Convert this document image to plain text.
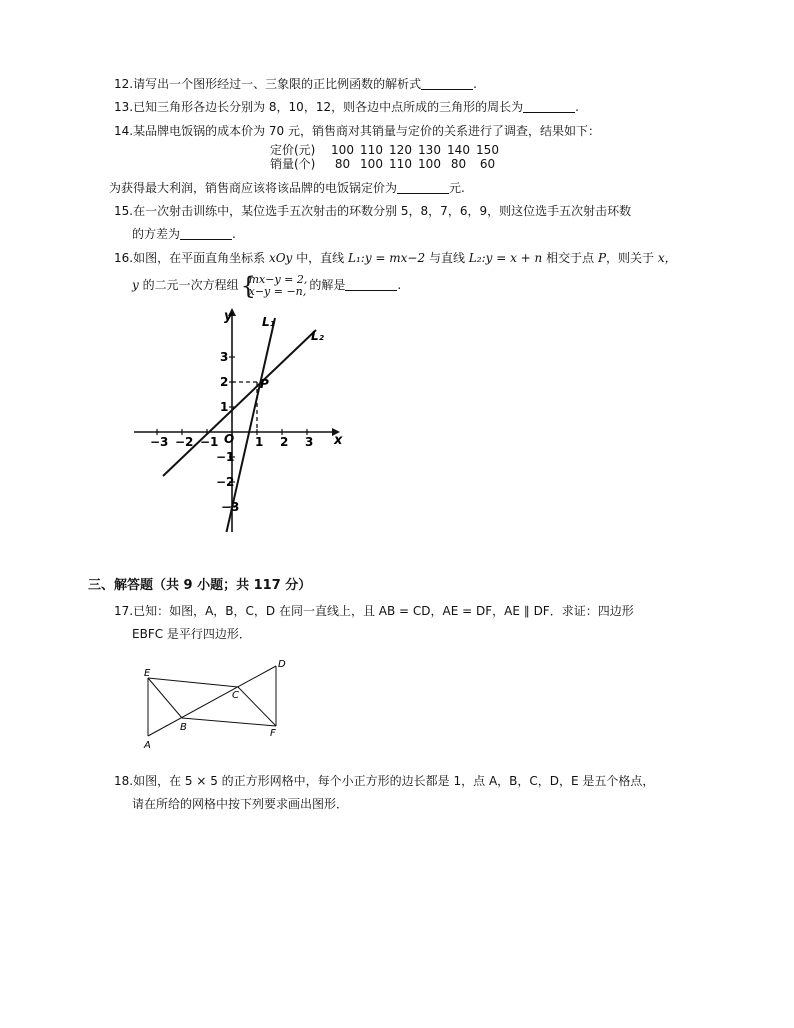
12.请写出一个图形经过一、三象限的正比例函数的解析式	.
13.已知三角形各边长分别为 8，10，12，则各边中点所成的三角形的周长为	.
14.某品牌电饭锅的成本价为 70 元，销售商对其销量与定价的关系进行了调查，结果如下：
定价(元)	100 110 120 130 140 150
销量(个)	80 100 110 100 80	60
为获得最大利润，销售商应该将该品牌的电饭锅定价为	元.
15.在一次射击训练中，某位选手五次射击的环数分别 5，8，7，6，9，则这位选手五次射击环数
的方差为	.
16.如图，在平面直角坐标系 xOy 中，直线 L₁:y = mx−2 与直线 L₂:y = x + n 相交于点 P，则关于 x，
y 的二元一次方程组 {
mx−y = 2,
x−y = −n, 的解是	.
y
x
O
L₁
L₂
P
−3 −2 −1	1 2 3
3
2
1
−1
−2
−3
三、解答题（共 9 小题；共 117 分）
17.已知：如图，A，B，C，D 在同一直线上，且 AB = CD，AE = DF，AE ∥ DF．求证：四边形
EBFC 是平行四边形．
E
D
C
B
F
A
18.如图，在 5 × 5 的正方形网格中，每个小正方形的边长都是 1，点 A，B，C，D，E 是五个格点，
请在所给的网格中按下列要求画出图形．
